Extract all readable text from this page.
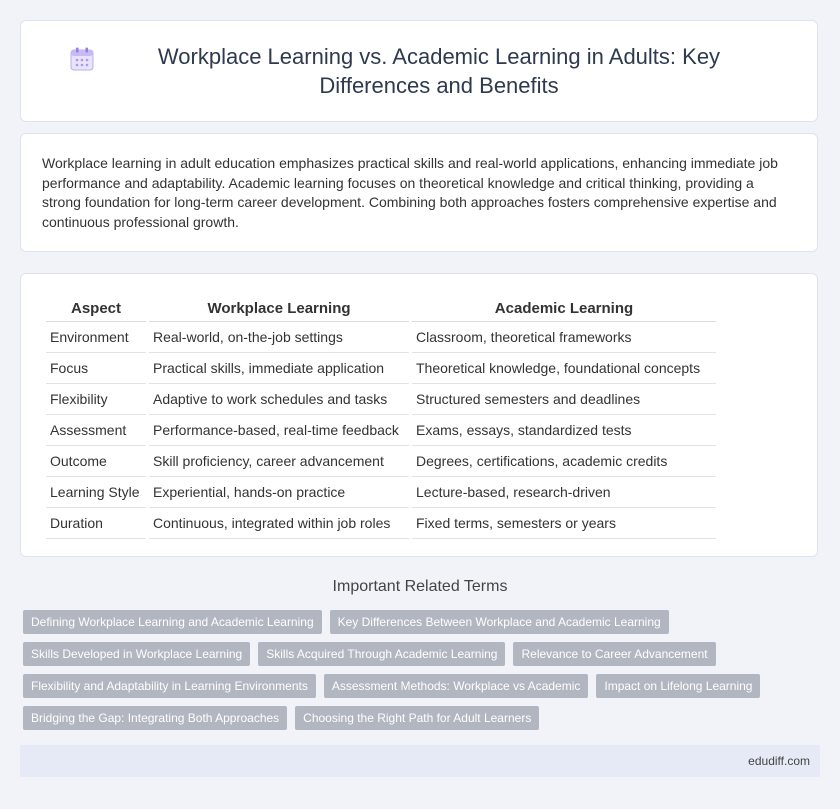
Workplace Learning vs. Academic Learning in Adults: Key Differences and Benefits

Workplace learning in adult education emphasizes practical skills and real-world applications, enhancing immediate job performance and adaptability. Academic learning focuses on theoretical knowledge and critical thinking, providing a strong foundation for long-term career development. Combining both approaches fosters comprehensive expertise and continuous professional growth.

Aspect	Workplace Learning	Academic Learning
Environment	Real-world, on-the-job settings	Classroom, theoretical frameworks
Focus	Practical skills, immediate application	Theoretical knowledge, foundational concepts
Flexibility	Adaptive to work schedules and tasks	Structured semesters and deadlines
Assessment	Performance-based, real-time feedback	Exams, essays, standardized tests
Outcome	Skill proficiency, career advancement	Degrees, certifications, academic credits
Learning Style	Experiential, hands-on practice	Lecture-based, research-driven
Duration	Continuous, integrated within job roles	Fixed terms, semesters or years
Important Related Terms
Defining Workplace Learning and Academic Learning	Key Differences Between Workplace and Academic Learning
Skills Developed in Workplace Learning	Skills Acquired Through Academic Learning	Relevance to Career Advancement
Flexibility and Adaptability in Learning Environments	Assessment Methods: Workplace vs Academic	Impact on Lifelong Learning
Bridging the Gap: Integrating Both Approaches	Choosing the Right Path for Adult Learners
edudiff.com
